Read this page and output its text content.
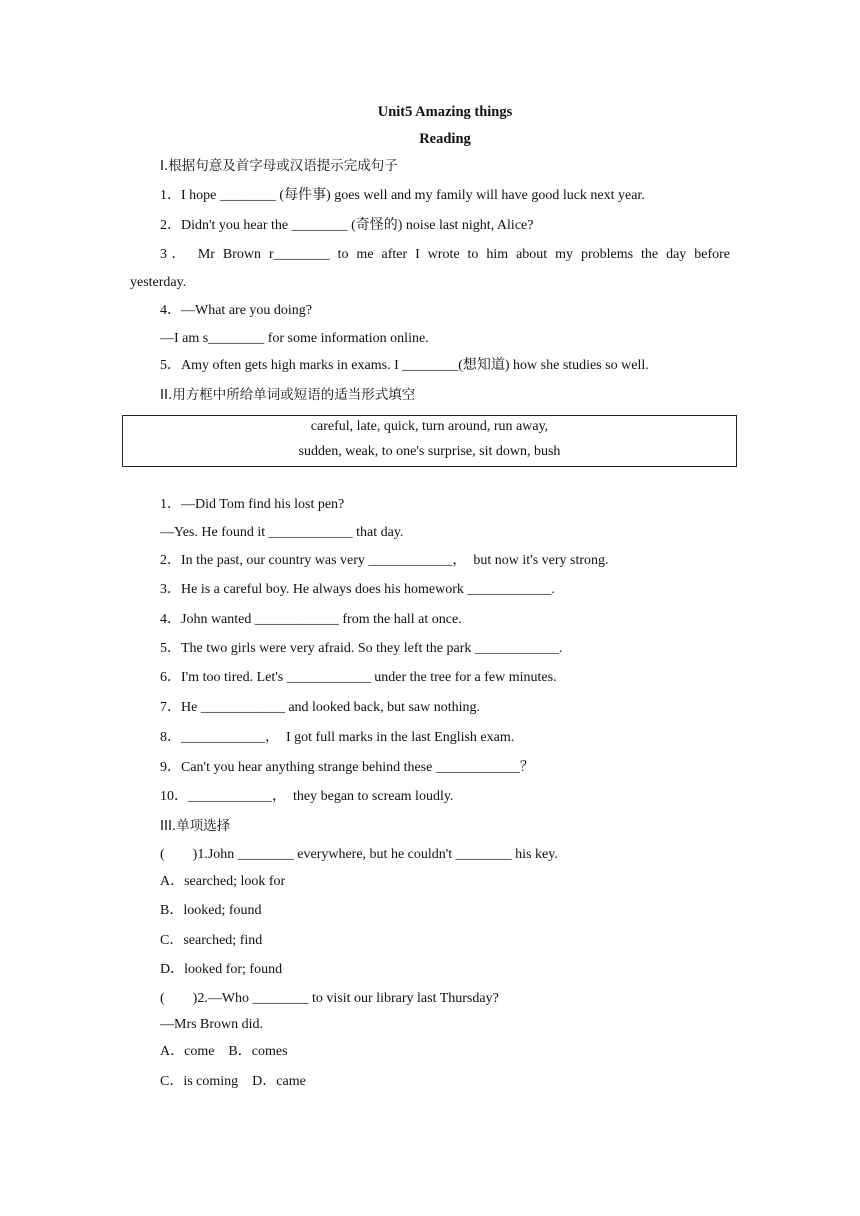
Unit5 Amazing things
Reading
I.根据句意及首字母或汉语提示完成句子
1．I hope ________ (每件事) goes well and my family will have good luck next year.
2．Didn't you hear the ________ (奇怪的) noise last night, Alice?
3． Mr Brown r________ to me after I wrote to him about my problems the day before
yesterday.
4．—What are you doing?
—I am s________ for some information online.
5．Amy often gets high marks in exams. I ________(想知道) how she studies so well.
II.用方框中所给单词或短语的适当形式填空
careful, late, quick, turn around, run away,
sudden, weak, to one's surprise, sit down, bush
1．—Did Tom find his lost pen?
—Yes. He found it ____________ that day.
2．In the past, our country was very ____________，　but now it's very strong.
3．He is a careful boy. He always does his homework ____________.
4．John wanted ____________ from the hall at once.
5．The two girls were very afraid. So they left the park ____________.
6．I'm too tired. Let's ____________ under the tree for a few minutes.
7．He ____________ and looked back, but saw nothing.
8．____________，　I got full marks in the last English exam.
9．Can't you hear anything strange behind these ____________？
10．____________，　they began to scream loudly.
III.单项选择
(　　)1.John ________ everywhere, but he couldn't ________ his key.
A．searched; look for
B．looked; found
C．searched; find
D．looked for; found
(　　)2.—Who ________ to visit our library last Thursday?
—Mrs Brown did.
A．come　B．comes
C．is coming　D．came
